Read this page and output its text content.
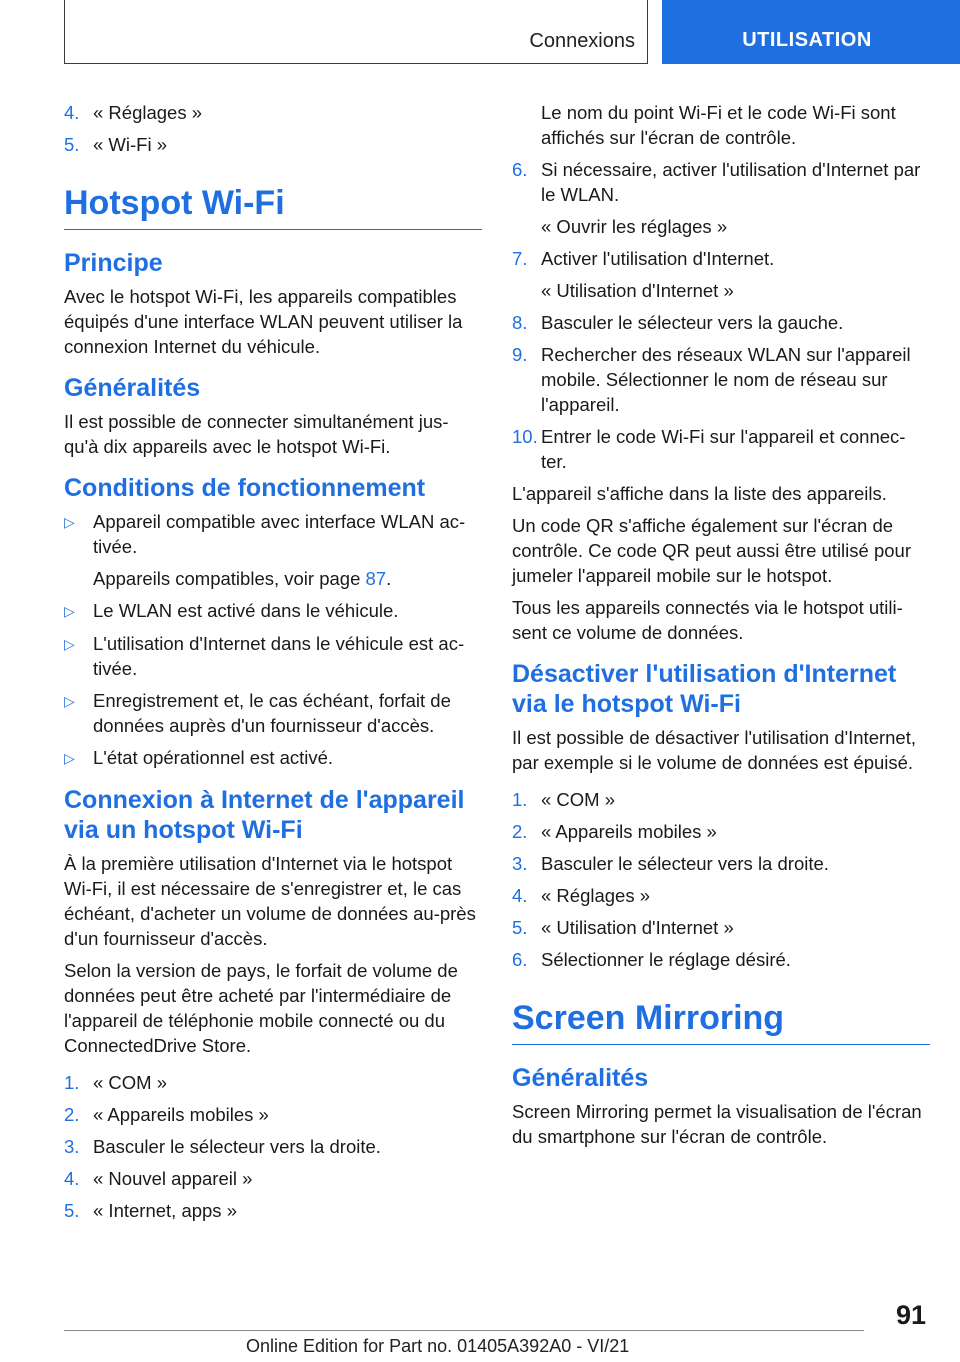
Connexions	UTILISATION
4. « Réglages »
5. « Wi-Fi »
Hotspot Wi-Fi
Principe

Avec le hotspot Wi-Fi, les appareils compatibles équipés d'une interface WLAN peuvent utiliser la connexion Internet du véhicule.

Généralités

Il est possible de connecter simultanément jus-qu'à dix appareils avec le hotspot Wi-Fi.

Conditions de fonctionnement
▷ Appareil compatible avec interface WLAN ac-tivée.
Appareils compatibles, voir page 87.
▷ Le WLAN est activé dans le véhicule.
▷ L'utilisation d'Internet dans le véhicule est ac-tivée.
▷ Enregistrement et, le cas échéant, forfait de données auprès d'un fournisseur d'accès.
▷ L'état opérationnel est activé.
Connexion à Internet de l'appareil via un hotspot Wi-Fi

À la première utilisation d'Internet via le hotspot Wi-Fi, il est nécessaire de s'enregistrer et, le cas échéant, d'acheter un volume de données au-près d'un fournisseur d'accès.

Selon la version de pays, le forfait de volume de données peut être acheté par l'intermédiaire de l'appareil de téléphonie mobile connecté ou du ConnectedDrive Store.

1. « COM »
2. « Appareils mobiles »
3. Basculer le sélecteur vers la droite.
4. « Nouvel appareil »
5. « Internet, apps »

Le nom du point Wi-Fi et le code Wi-Fi sont affichés sur l'écran de contrôle.

6. Si nécessaire, activer l'utilisation d'Internet par le WLAN.
« Ouvrir les réglages »
7. Activer l'utilisation d'Internet.
« Utilisation d'Internet »
8. Basculer le sélecteur vers la gauche.
9. Rechercher des réseaux WLAN sur l'appareil mobile. Sélectionner le nom de réseau sur l'appareil.
10. Entrer le code Wi-Fi sur l'appareil et connec-ter.

L'appareil s'affiche dans la liste des appareils.

Un code QR s'affiche également sur l'écran de contrôle. Ce code QR peut aussi être utilisé pour jumeler l'appareil mobile sur le hotspot.

Tous les appareils connectés via le hotspot utili-sent ce volume de données.

Désactiver l'utilisation d'Internet via le hotspot Wi-Fi

Il est possible de désactiver l'utilisation d'Internet, par exemple si le volume de données est épuisé.

1. « COM »
2. « Appareils mobiles »
3. Basculer le sélecteur vers la droite.
4. « Réglages »
5. « Utilisation d'Internet »
6. Sélectionner le réglage désiré.
Screen Mirroring
Généralités

Screen Mirroring permet la visualisation de l'écran du smartphone sur l'écran de contrôle.

91
Online Edition for Part no. 01405A392A0 - VI/21
